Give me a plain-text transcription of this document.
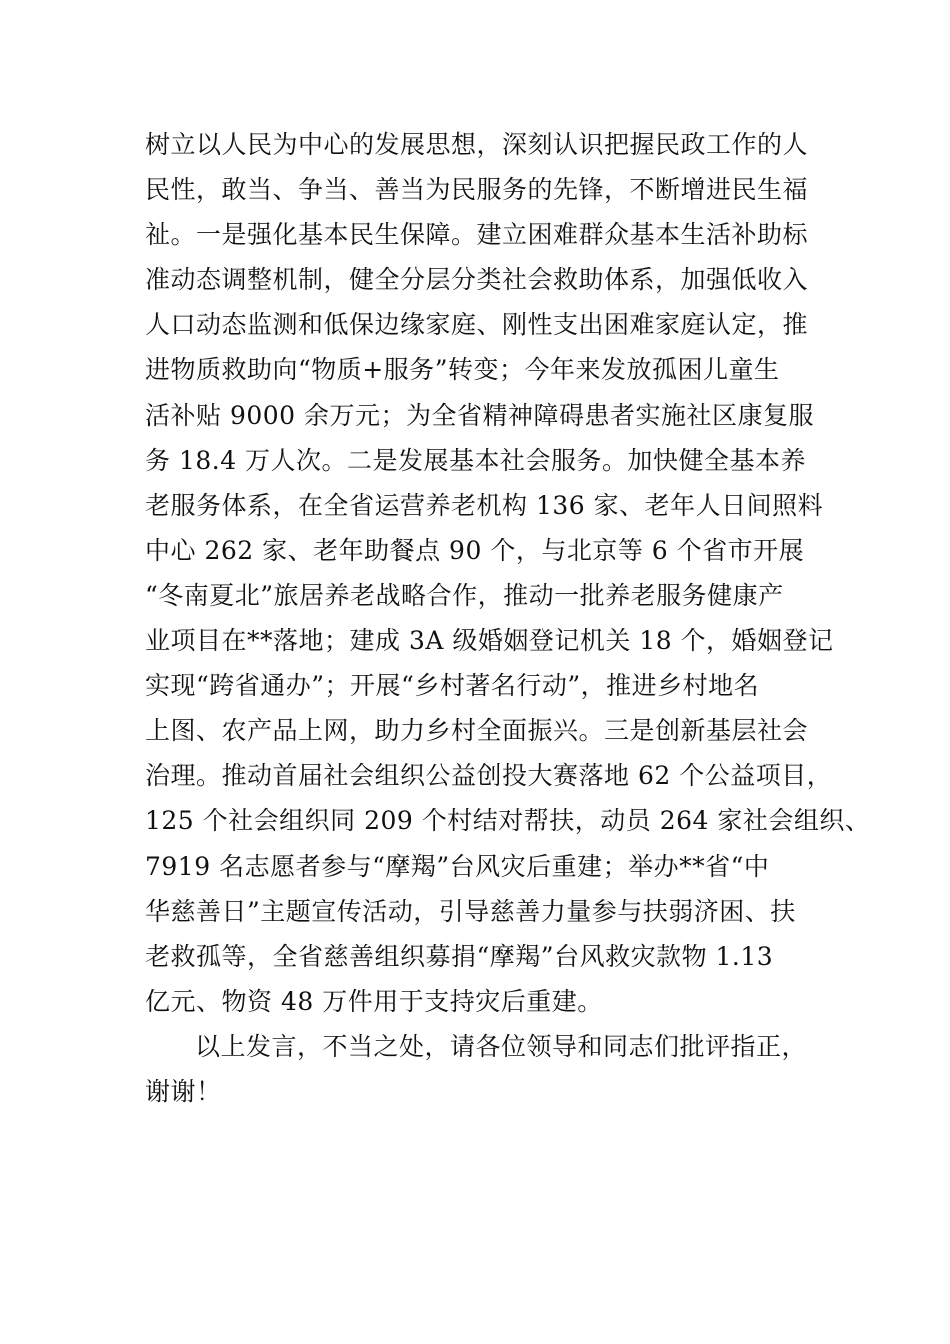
树立以人民为中心的发展思想，深刻认识把握民政工作的人
民性，敢当、争当、善当为民服务的先锋，不断增进民生福
祉。一是强化基本民生保障。建立困难群众基本生活补助标
准动态调整机制，健全分层分类社会救助体系，加强低收入
人口动态监测和低保边缘家庭、刚性支出困难家庭认定，推
进物质救助向“物质+服务”转变；今年来发放孤困儿童生
活补贴 9000 余万元；为全省精神障碍患者实施社区康复服
务 18.4 万人次。二是发展基本社会服务。加快健全基本养
老服务体系，在全省运营养老机构 136 家、老年人日间照料
中心 262 家、老年助餐点 90 个，与北京等 6 个省市开展
“冬南夏北”旅居养老战略合作，推动一批养老服务健康产
业项目在**落地；建成 3A 级婚姻登记机关 18 个，婚姻登记
实现“跨省通办”；开展“乡村著名行动”，推进乡村地名
上图、农产品上网，助力乡村全面振兴。三是创新基层社会
治理。推动首届社会组织公益创投大赛落地 62 个公益项目，
125 个社会组织同 209 个村结对帮扶，动员 264 家社会组织、
7919 名志愿者参与“摩羯”台风灾后重建；举办**省“中
华慈善日”主题宣传活动，引导慈善力量参与扶弱济困、扶
老救孤等，全省慈善组织募捐“摩羯”台风救灾款物 1.13
亿元、物资 48 万件用于支持灾后重建。
以上发言，不当之处，请各位领导和同志们批评指正，
谢谢！
